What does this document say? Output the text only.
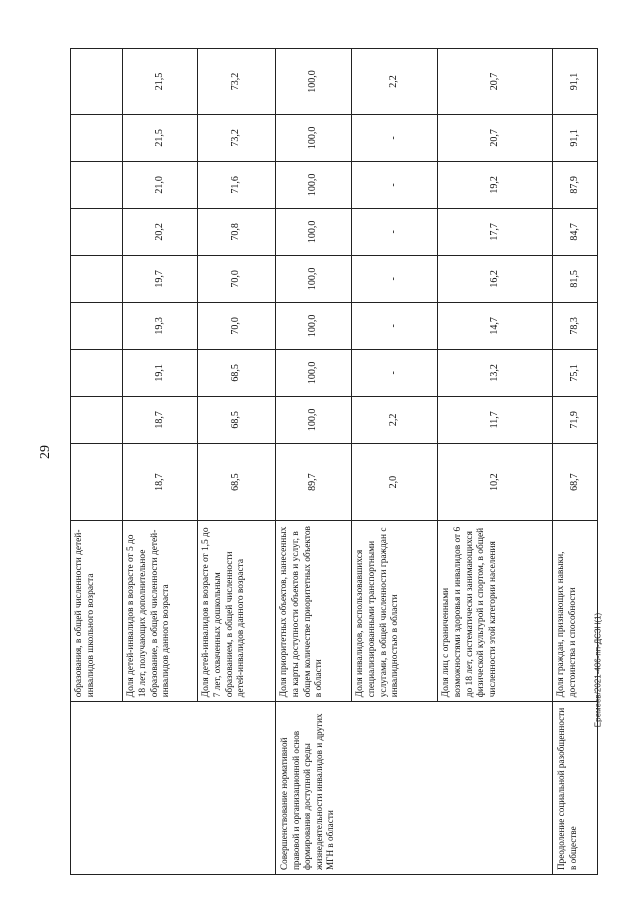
29
Еремеев/2021-486-пп-ДСЗН(1)
	образования, в общей численности детей-инвалидов школьного возраста									
	Доля детей-инвалидов в возрасте от 5 до 18 лет, получающих дополнительное образование, в общей численности детей-инвалидов данного возраста	18,7	18,7	19,1	19,3	19,7	20,2	21,0	21,5	21,5
	Доля детей-инвалидов в возрасте от 1,5 до 7 лет, охваченных дошкольным образованием, в общей численности детей-инвалидов данного возраста	68,5	68,5	68,5	70,0	70,0	70,8	71,6	73,2	73,2
Совершенствование нормативной правовой и организационной основ формирования доступной среды жизнедеятельности инвалидов и других МГН в области	Доля приоритетных объектов, нанесенных на карты доступности объектов и услуг, в общем количестве приоритетных объектов в области	89,7	100,0	100,0	100,0	100,0	100,0	100,0	100,0	100,0
	Доля инвалидов, воспользовавшихся специализированными транспортными услугами, в общей численности граждан с инвалидностью в области	2,0	2,2	-	-	-	-	-	-	2,2
	Доля лиц с ограниченными возможностями здоровья и инвалидов от 6 до 18 лет, систематически занимающихся физической культурой и спортом, в общей численности этой категории населения	10,2	11,7	13,2	14,7	16,2	17,7	19,2	20,7	20,7
Преодоление социальной разобщенности в обществе	Доля граждан, признающих навыки, достоинства и способности	68,7	71,9	75,1	78,3	81,5	84,7	87,9	91,1	91,1
